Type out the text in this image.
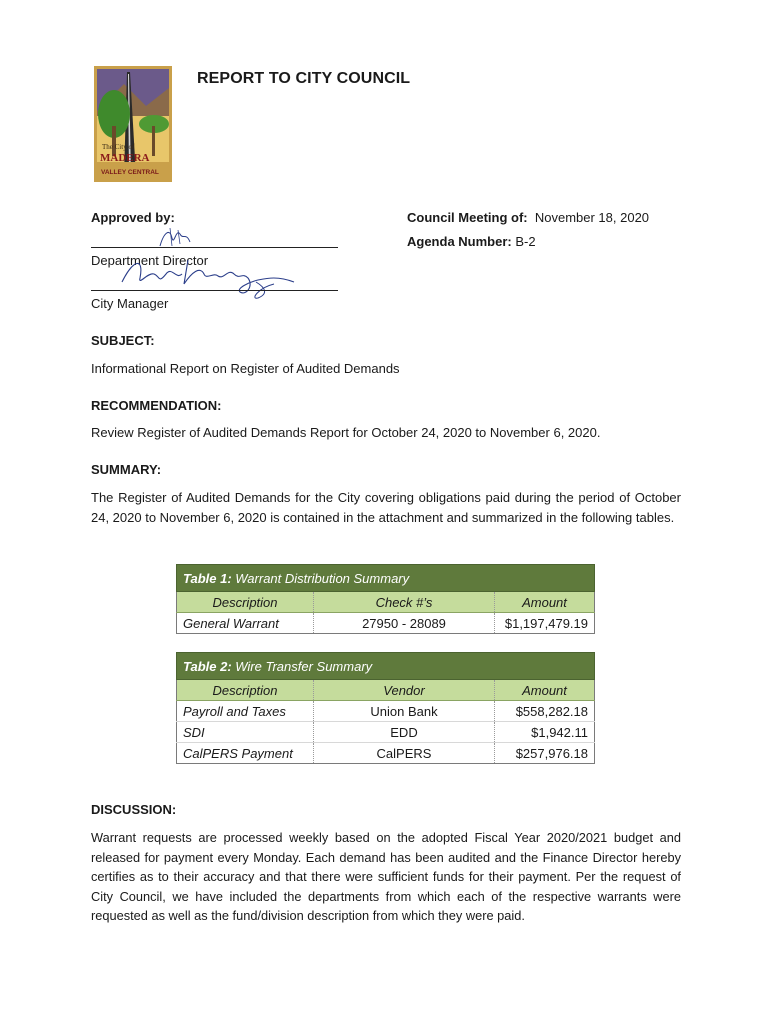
The City of
MADERA
VALLEY CENTRAL
REPORT TO CITY COUNCIL
Approved by:
Department Director
City Manager
Council Meeting of: November 18, 2020
Agenda Number: B-2
SUBJECT:
Informational Report on Register of Audited Demands
RECOMMENDATION:
Review Register of Audited Demands Report for October 24, 2020 to November 6, 2020.
SUMMARY:
The Register of Audited Demands for the City covering obligations paid during the period of October 24, 2020 to November 6, 2020 is contained in the attachment and summarized in the following tables.
Table 1: Warrant Distribution Summary		
Description	Check #’s	Amount
General Warrant	27950 - 28089	$1,197,479.19
Table 2: Wire Transfer Summary		
Description	Vendor	Amount
Payroll and Taxes	Union Bank	$558,282.18
SDI	EDD	$1,942.11
CalPERS Payment	CalPERS	$257,976.18
DISCUSSION:
Warrant requests are processed weekly based on the adopted Fiscal Year 2020/2021 budget and released for payment every Monday. Each demand has been audited and the Finance Director hereby certifies as to their accuracy and that there were sufficient funds for their payment. Per the request of City Council, we have included the departments from which each of the respective warrants were requested as well as the fund/division description from which they were paid.
